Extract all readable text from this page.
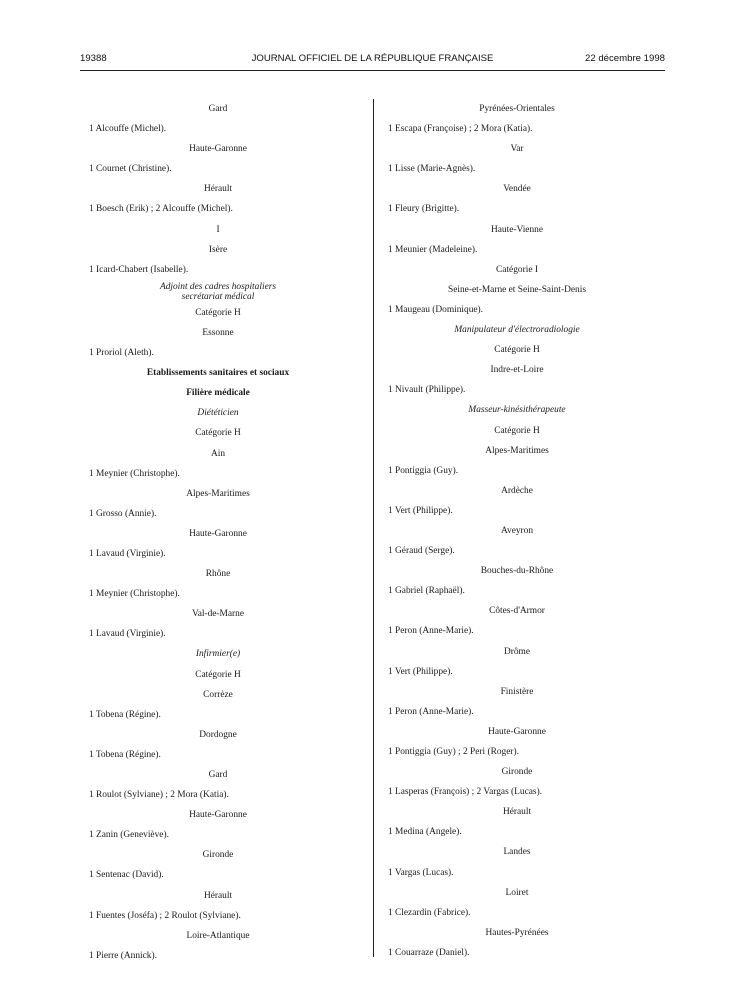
19388	JOURNAL OFFICIEL DE LA RÉPUBLIQUE FRANÇAISE	22 décembre 1998
Gard
1 Alcouffe (Michel).
Haute-Garonne
1 Cournet (Christine).
Hérault
1 Boesch (Erik) ; 2 Alcouffe (Michel).
I
Isère
1 Icard-Chabert (Isabelle).
Adjoint des cadres hospitaliers
secrétariat médical
Catégorie H
Essonne
1 Proriol (Aleth).
Etablissements sanitaires et sociaux
Filière médicale
Diététicien
Catégorie H
Ain
1 Meynier (Christophe).
Alpes-Maritimes
1 Grosso (Annie).
Haute-Garonne
1 Lavaud (Virginie).
Rhône
1 Meynier (Christophe).
Val-de-Marne
1 Lavaud (Virginie).
Infirmier(e)
Catégorie H
Corrèze
1 Tobena (Régine).
Dordogne
1 Tobena (Régine).
Gard
1 Roulot (Sylviane) ; 2 Mora (Katia).
Haute-Garonne
1 Zanin (Geneviève).
Gironde
1 Sentenac (David).
Hérault
1 Fuentes (Joséfa) ; 2 Roulot (Sylviane).
Loire-Atlantique
1 Pierre (Annick).
Pyrénées-Orientales
1 Escapa (Françoise) ; 2 Mora (Katia).
Var
1 Lisse (Marie-Agnès).
Vendée
1 Fleury (Brigitte).
Haute-Vienne
1 Meunier (Madeleine).
Catégorie I
Seine-et-Marne et Seine-Saint-Denis
1 Maugeau (Dominique).
Manipulateur d'électroradiologie
Catégorie H
Indre-et-Loire
1 Nivault (Philippe).
Masseur-kinésithérapeute
Catégorie H
Alpes-Maritimes
1 Pontiggia (Guy).
Ardèche
1 Vert (Philippe).
Aveyron
1 Géraud (Serge).
Bouches-du-Rhône
1 Gabriel (Raphaël).
Côtes-d'Armor
1 Peron (Anne-Marie).
Drôme
1 Vert (Philippe).
Finistère
1 Peron (Anne-Marie).
Haute-Garonne
1 Pontiggia (Guy) ; 2 Peri (Roger).
Gironde
1 Lasperas (François) ; 2 Vargas (Lucas).
Hérault
1 Medina (Angele).
Landes
1 Vargas (Lucas).
Loiret
1 Clezardin (Fabrice).
Hautes-Pyrénées
1 Couarraze (Daniel).
